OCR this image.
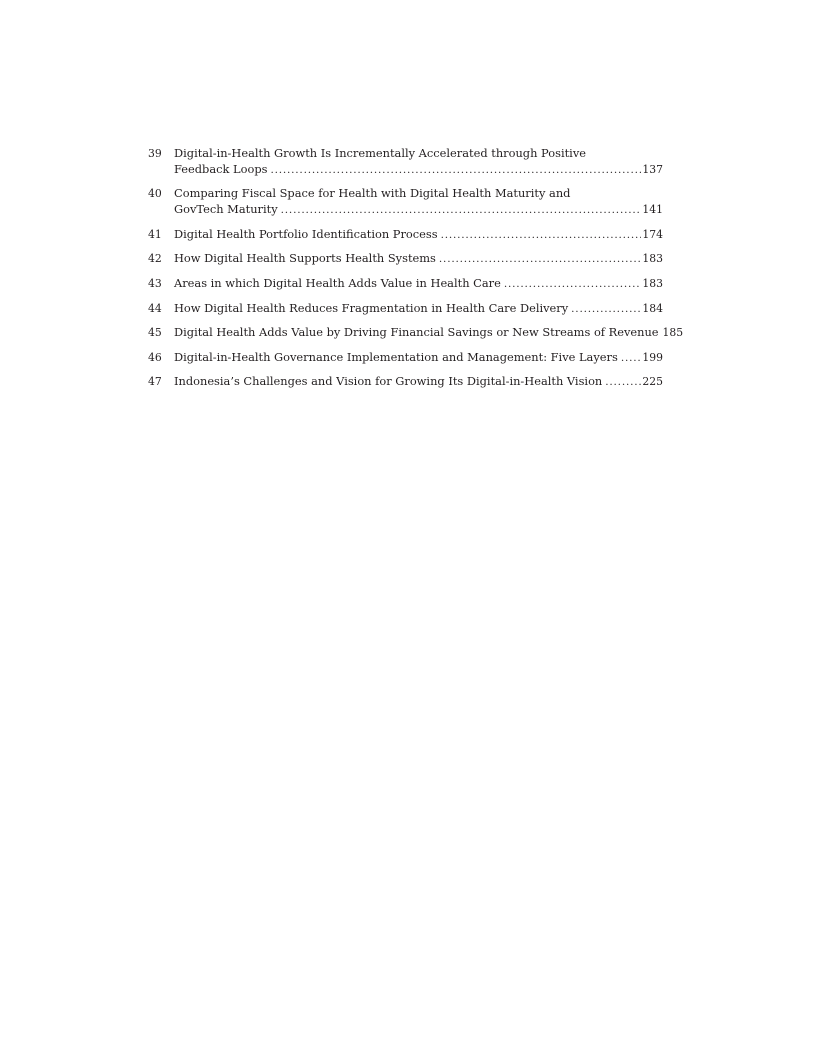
39	Digital-in-Health Growth Is Incrementally Accelerated through Positive
Feedback Loops .....	137
40	Comparing Fiscal Space for Health with Digital Health Maturity and
GovTech Maturity .....	141
41	Digital Health Portfolio Identification Process .....	174
42	How Digital Health Supports Health Systems .....	183
43	Areas in which Digital Health Adds Value in Health Care .....	183
44	How Digital Health Reduces Fragmentation in Health Care Delivery .....	184
45	Digital Health Adds Value by Driving Financial Savings or New Streams of Revenue 185
46	Digital-in-Health Governance Implementation and Management: Five Layers ..... 199
47	Indonesia’s Challenges and Vision for Growing Its Digital-in-Health Vision .....	225
